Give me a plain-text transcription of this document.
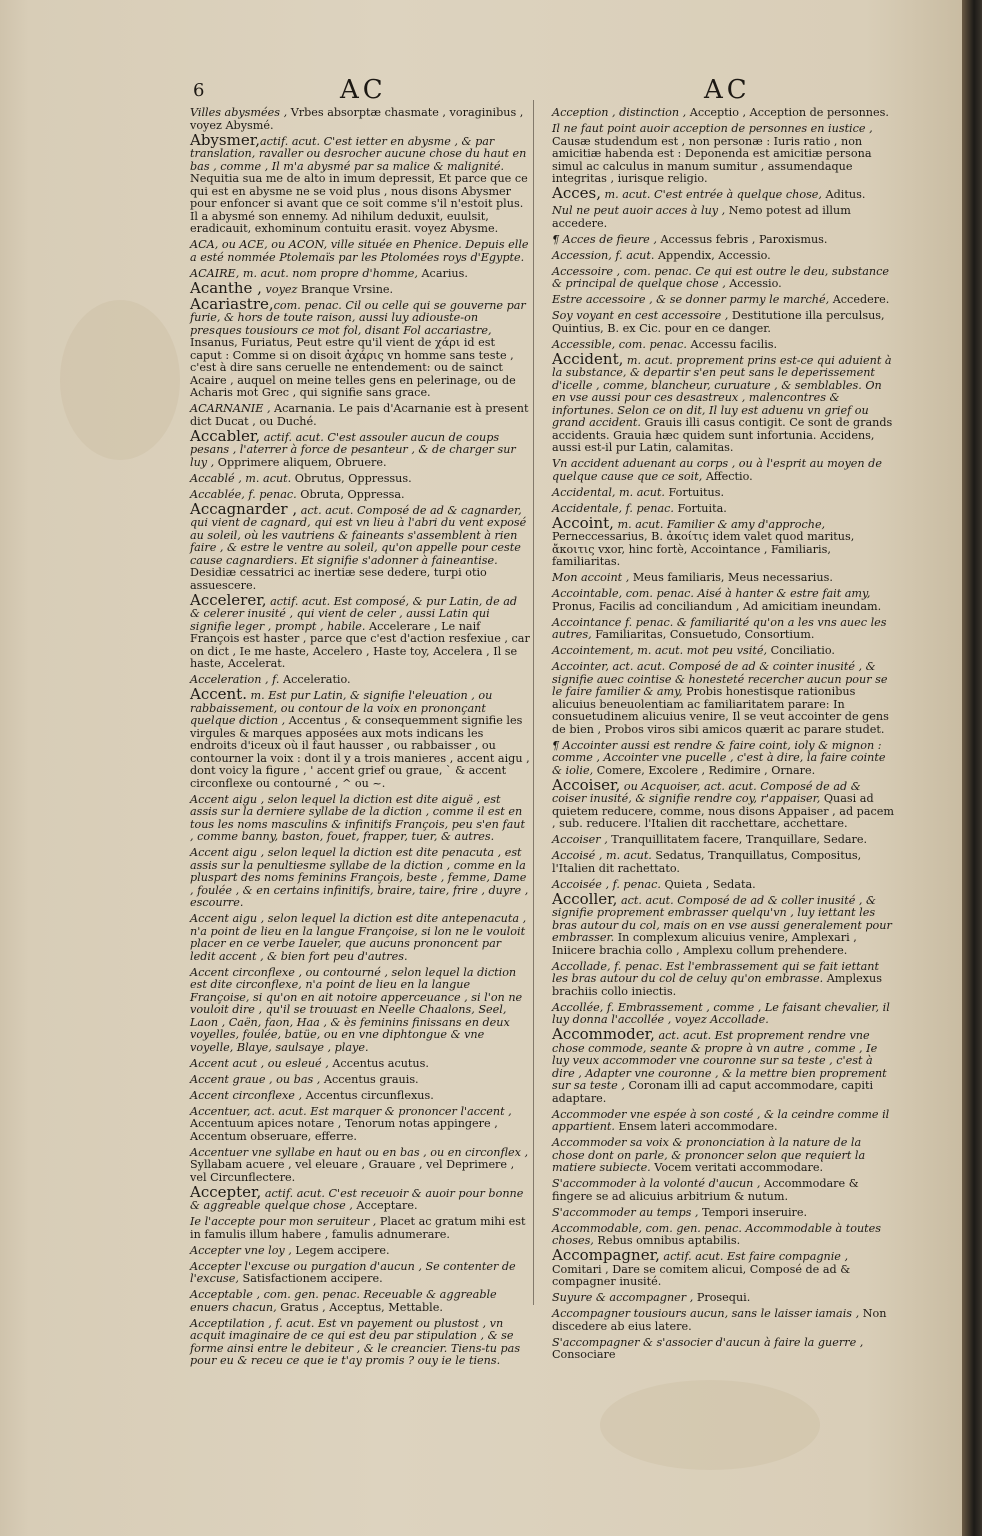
6	AC	AC
Villes abysmées , Vrbes absorptæ chasmate , voraginibus , voyez Abysmé.
Abysmer,actif. acut. C'est ietter en abysme , & par translation, ravaller ou desrocher aucune chose du haut en bas , comme , Il m'a abysmé par sa malice & malignité. Nequitia sua me de alto in imum depressit, Et parce que ce qui est en abysme ne se void plus , nous disons Abysmer pour enfoncer si avant que ce soit comme s'il n'estoit plus. Il a abysmé son ennemy. Ad nihilum deduxit, euulsit, eradicauit, exhominum contuitu erasit. voyez Abysme.
ACA, ou ACE, ou ACON, ville située en Phenice. Depuis elle a esté nommée Ptolemaïs par les Ptolomées roys d'Egypte.
ACAIRE, m. acut. nom propre d'homme, Acarius.
Acanthe , voyez Branque Vrsine.
Acariastre,com. penac. Cil ou celle qui se gouverne par furie, & hors de toute raison, aussi luy adiouste-on presques tousiours ce mot fol, disant Fol accariastre, Insanus, Furiatus, Peut estre qu'il vient de χάρι id est caput : Comme si on disoit ἀχάρις vn homme sans teste , c'est à dire sans ceruelle ne entendement: ou de sainct Acaire , auquel on meine telles gens en pelerinage, ou de Acharis mot Grec , qui signifie sans grace.
ACARNANIE , Acarnania. Le pais d'Acarnanie est à present dict Ducat , ou Duché.
Accabler, actif. acut. C'est assouler aucun de coups pesans , l'aterrer à force de pesanteur , & de charger sur luy , Opprimere aliquem, Obruere.
Accablé , m. acut. Obrutus, Oppressus.
Accablée, f. penac. Obruta, Oppressa.
Accagnarder , act. acut. Composé de ad & cagnarder, qui vient de cagnard, qui est vn lieu à l'abri du vent exposé au soleil, où les vautriens & faineants s'assemblent à rien faire , & estre le ventre au soleil, qu'on appelle pour ceste cause cagnardiers. Et signifie s'adonner à faineantise. Desidiæ cessatrici ac inertiæ sese dedere, turpi otio assuescere.
Accelerer, actif. acut. Est composé, & pur Latin, de ad & celerer inusité , qui vient de celer , aussi Latin qui signifie leger , prompt , habile. Accelerare , Le naif François est haster , parce que c'est d'action resfexiue , car on dict , Ie me haste, Accelero , Haste toy, Accelera , Il se haste, Accelerat.
Acceleration , f. Acceleratio.
Accent. m. Est pur Latin, & signifie l'eleuation , ou rabbaissement, ou contour de la voix en prononçant quelque diction , Accentus , & consequemment signifie les virgules & marques apposées aux mots indicans les endroits d'iceux où il faut hausser , ou rabbaisser , ou contourner la voix : dont il y a trois manieres , accent aigu , dont voicy la figure , ' accent grief ou graue, ` & accent circonflexe ou contourné , ^ ou ~.
Accent aigu , selon lequel la diction est dite aiguë , est assis sur la derniere syllabe de la diction , comme il est en tous les noms masculins & infinitifs François, peu s'en faut , comme banny, baston, fouet, frapper, tuer, & autres.
Accent aigu , selon lequel la diction est dite penacuta , est assis sur la penultiesme syllabe de la diction , comme en la pluspart des noms feminins François, beste , femme, Dame , foulée , & en certains infinitifs, braire, taire, frire , duyre , escourre.
Accent aigu , selon lequel la diction est dite antepenacuta , n'a point de lieu en la langue Françoise, si lon ne le vouloit placer en ce verbe Iaueler, que aucuns prononcent par ledit accent , & bien fort peu d'autres.
Accent circonflexe , ou contourné , selon lequel la diction est dite circonflexe, n'a point de lieu en la langue Françoise, si qu'on en ait notoire apperceuance , si l'on ne vouloit dire , qu'il se trouuast en Neelle Chaalons, Seel, Laon , Caën, faon, Haa , & ès feminins finissans en deux voyelles, foulée, batüe, ou en vne diphtongue & vne voyelle, Blaye, saulsaye , playe.
Accent acut , ou esleué , Accentus acutus.
Accent graue , ou bas , Accentus grauis.
Accent circonflexe , Accentus circunflexus.
Accentuer, act. acut. Est marquer & prononcer l'accent , Accentuum apices notare , Tenorum notas appingere , Accentum obseruare, efferre.
Accentuer vne syllabe en haut ou en bas , ou en circonflex , Syllabam acuere , vel eleuare , Grauare , vel Deprimere , vel Circunflectere.
Accepter, actif. acut. C'est receuoir & auoir pour bonne & aggreable quelque chose , Acceptare.
Ie l'accepte pour mon seruiteur , Placet ac gratum mihi est in famulis illum habere , famulis adnumerare.
Accepter vne loy , Legem accipere.
Accepter l'excuse ou purgation d'aucun , Se contenter de l'excuse, Satisfactionem accipere.
Acceptable , com. gen. penac. Receuable & aggreable enuers chacun, Gratus , Acceptus, Mettable.
Acceptilation , f. acut. Est vn payement ou plustost , vn acquit imaginaire de ce qui est deu par stipulation , & se forme ainsi entre le debiteur , & le creancier. Tiens-tu pas pour eu & receu ce que ie t'ay promis ? ouy ie le tiens.
Acception , distinction , Acceptio , Acception de personnes.
Il ne faut point auoir acception de personnes en iustice , Causæ studendum est , non personæ : Iuris ratio , non amicitiæ habenda est : Deponenda est amicitiæ persona simul ac calculus in manum sumitur , assumendaque integritas , iurisque religio.
Acces, m. acut. C'est entrée à quelque chose, Aditus.
Nul ne peut auoir acces à luy , Nemo potest ad illum accedere.
¶ Acces de fieure , Accessus febris , Paroxismus.
Accession, f. acut. Appendix, Accessio.
Accessoire , com. penac. Ce qui est outre le deu, substance & principal de quelque chose , Accessio.
Estre accessoire , & se donner parmy le marché, Accedere.
Soy voyant en cest accessoire , Destitutione illa perculsus, Quintius, B. ex Cic. pour en ce danger.
Accessible, com. penac. Accessu facilis.
Accident, m. acut. proprement prins est-ce qui aduient à la substance, & departir s'en peut sans le deperissement d'icelle , comme, blancheur, curuature , & semblables. On en vse aussi pour ces desastreux , malencontres & infortunes. Selon ce on dit, Il luy est aduenu vn grief ou grand accident. Grauis illi casus contigit. Ce sont de grands accidents. Grauia hæc quidem sunt infortunia. Accidens, aussi est-il pur Latin, calamitas.
Vn accident aduenant au corps , ou à l'esprit au moyen de quelque cause que ce soit, Affectio.
Accidental, m. acut. Fortuitus.
Accidentale, f. penac. Fortuita.
Accoint, m. acut. Familier & amy d'approche, Perneccessarius, B. ἀκοίτις idem valet quod maritus, ἄκοιτις vxor, hinc fortè, Accointance , Familiaris, familiaritas.
Mon accoint , Meus familiaris, Meus necessarius.
Accointable, com. penac. Aisé à hanter & estre fait amy, Pronus, Facilis ad conciliandum , Ad amicitiam ineundam.
Accointance f. penac. & familiarité qu'on a les vns auec les autres, Familiaritas, Consuetudo, Consortium.
Accointement, m. acut. mot peu vsité, Conciliatio.
Accointer, act. acut. Composé de ad & cointer inusité , & signifie auec cointise & honesteté recercher aucun pour se le faire familier & amy, Probis honestisque rationibus alicuius beneuolentiam ac familiaritatem parare: In consuetudinem alicuius venire, Il se veut accointer de gens de bien , Probos viros sibi amicos quærit ac parare studet.
¶ Accointer aussi est rendre & faire coint, ioly & mignon : comme , Accointer vne pucelle , c'est à dire, la faire cointe & iolie, Comere, Excolere , Redimire , Ornare.
Accoiser, ou Acquoiser, act. acut. Composé de ad & coiser inusité, & signifie rendre coy, r'appaiser, Quasi ad quietem reducere, comme, nous disons Appaiser , ad pacem , sub. reducere. l'Italien dit racchettare, acchettare.
Accoiser , Tranquillitatem facere, Tranquillare, Sedare.
Accoisé , m. acut. Sedatus, Tranquillatus, Compositus, l'Italien dit rachettato.
Accoisée , f. penac. Quieta , Sedata.
Accoller, act. acut. Composé de ad & coller inusité , & signifie proprement embrasser quelqu'vn , luy iettant les bras autour du col, mais on en vse aussi generalement pour embrasser. In complexum alicuius venire, Amplexari , Iniicere brachia collo , Amplexu collum prehendere.
Accollade, f. penac. Est l'embrassement qui se fait iettant les bras autour du col de celuy qu'on embrasse. Amplexus brachiis collo iniectis.
Accollée, f. Embrassement , comme , Le faisant chevalier, il luy donna l'accollée , voyez Accollade.
Accommoder, act. acut. Est proprement rendre vne chose commode, seante & propre à vn autre , comme , Ie luy veux accommoder vne couronne sur sa teste , c'est à dire , Adapter vne couronne , & la mettre bien proprement sur sa teste , Coronam illi ad caput accommodare, capiti adaptare.
Accommoder vne espée à son costé , & la ceindre comme il appartient. Ensem lateri accommodare.
Accommoder sa voix & prononciation à la nature de la chose dont on parle, & prononcer selon que requiert la matiere subiecte. Vocem veritati accommodare.
S'accommoder à la volonté d'aucun , Accommodare & fingere se ad alicuius arbitrium & nutum.
S'accommoder au temps , Tempori inseruire.
Accommodable, com. gen. penac. Accommodable à toutes choses, Rebus omnibus aptabilis.
Accompagner, actif. acut. Est faire compagnie , Comitari , Dare se comitem alicui, Composé de ad & compagner inusité.
Suyure & accompagner , Prosequi.
Accompagner tousiours aucun, sans le laisser iamais , Non discedere ab eius latere.
S'accompagner & s'associer d'aucun à faire la guerre , Consociare
